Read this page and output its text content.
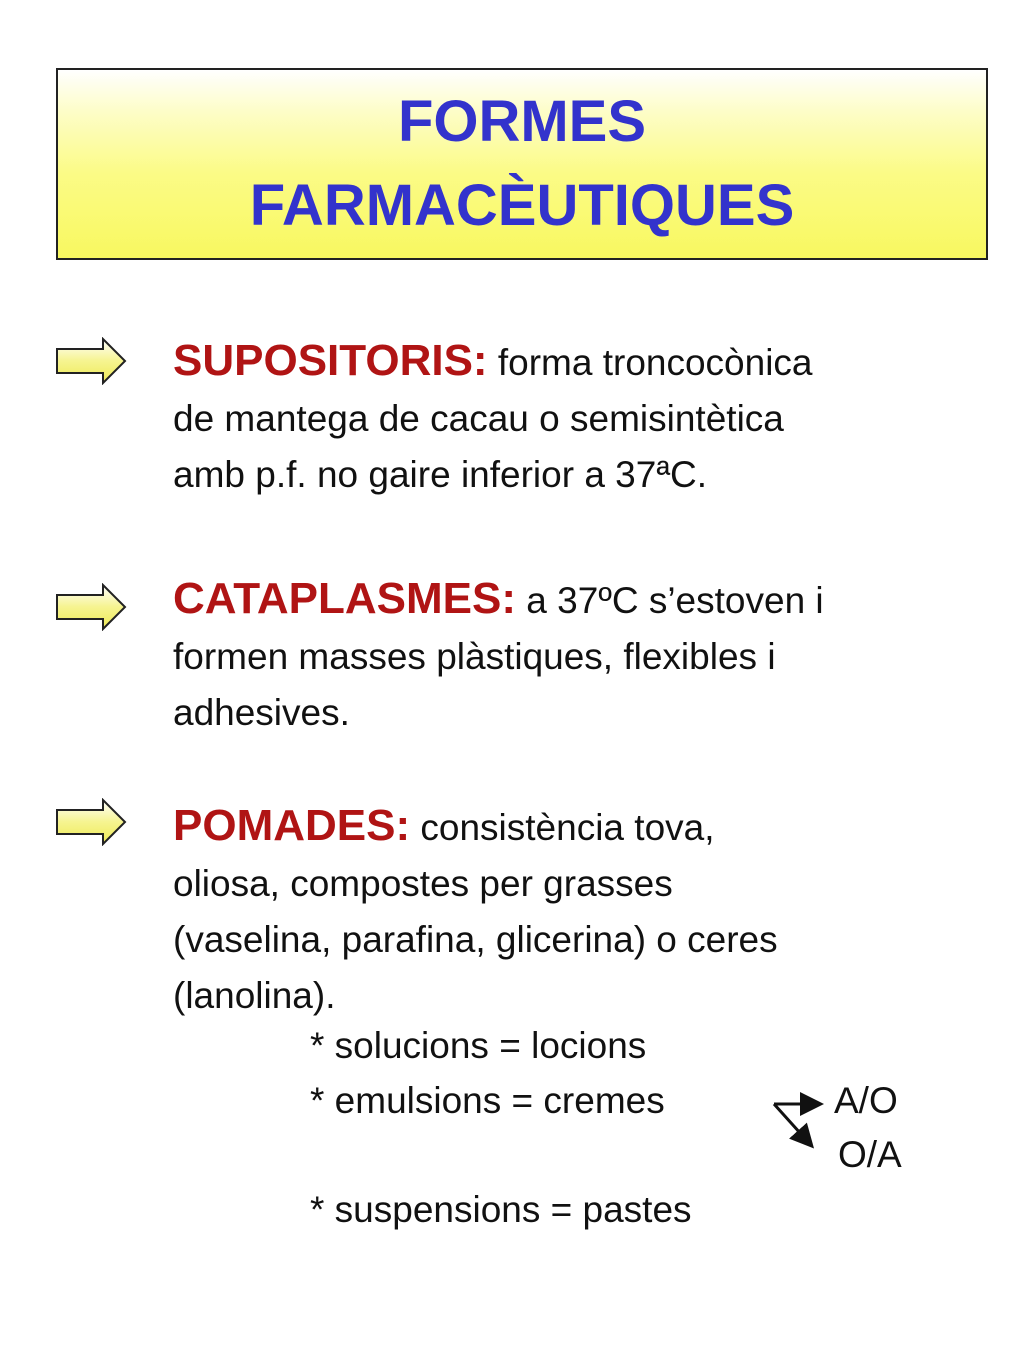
FORMES
FARMACÈUTIQUES
SUPOSITORIS: forma troncocònica
de mantega de cacau o semisintètica
amb p.f. no gaire inferior a 37ªC.
CATAPLASMES: a 37ºC s’estoven i
formen masses plàstiques, flexibles i
adhesives.
POMADES: consistència tova,
oliosa, compostes per grasses
(vaselina, parafina, glicerina) o ceres
(lanolina).
* solucions = locions
* emulsions = cremes
* suspensions = pastes
A/O
O/A
